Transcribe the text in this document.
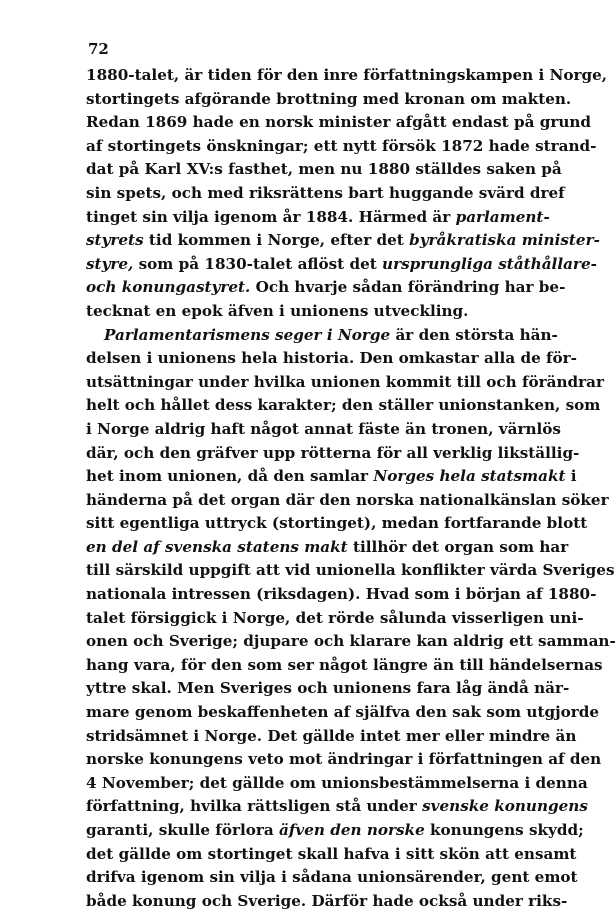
72
1880-talet, är tiden för den inre författningskampen i Norge,
stortingets afgörande brottning med kronan om makten.
Redan 1869 hade en norsk minister afgått endast på grund
af stortingets önskningar; ett nytt försök 1872 hade strand-
dat på Karl XV:s fasthet, men nu 1880 ställdes saken på
sin spets, och med riksrättens bart huggande svärd dref
tinget sin vilja igenom år 1884. Härmed är parlament-
styrets tid kommen i Norge, efter det byråkratiska minister-
styre, som på 1830-talet aflöst det ursprungliga ståthållare-
och konungastyret. Och hvarje sådan förändring har be-
tecknat en epok äfven i unionens utveckling.
Parlamentarismens seger i Norge är den största hän-
delsen i unionens hela historia. Den omkastar alla de för-
utsättningar under hvilka unionen kommit till och förändrar
helt och hållet dess karakter; den ställer unionstanken, som
i Norge aldrig haft något annat fäste än tronen, värnlös
där, och den gräfver upp rötterna för all verklig likställig-
het inom unionen, då den samlar Norges hela statsmakt i
händerna på det organ där den norska nationalkänslan söker
sitt egentliga uttryck (stortinget), medan fortfarande blott
en del af svenska statens makt tillhör det organ som har
till särskild uppgift att vid unionella konflikter värda Sveriges
nationala intressen (riksdagen). Hvad som i början af 1880-
talet försiggick i Norge, det rörde sålunda visserligen uni-
onen och Sverige; djupare och klarare kan aldrig ett samman-
hang vara, för den som ser något längre än till händelsernas
yttre skal. Men Sveriges och unionens fara låg ändå när-
mare genom beskaffenheten af själfva den sak som utgjorde
stridsämnet i Norge. Det gällde intet mer eller mindre än
norske konungens veto mot ändringar i författningen af den
4 November; det gällde om unionsbestämmelserna i denna
författning, hvilka rättsligen stå under svenske konungens
garanti, skulle förlora äfven den norske konungens skydd;
det gällde om stortinget skall hafva i sitt skön att ensamt
drifva igenom sin vilja i sådana unionsärender, gent emot
både konung och Sverige. Därför hade också under riks-
